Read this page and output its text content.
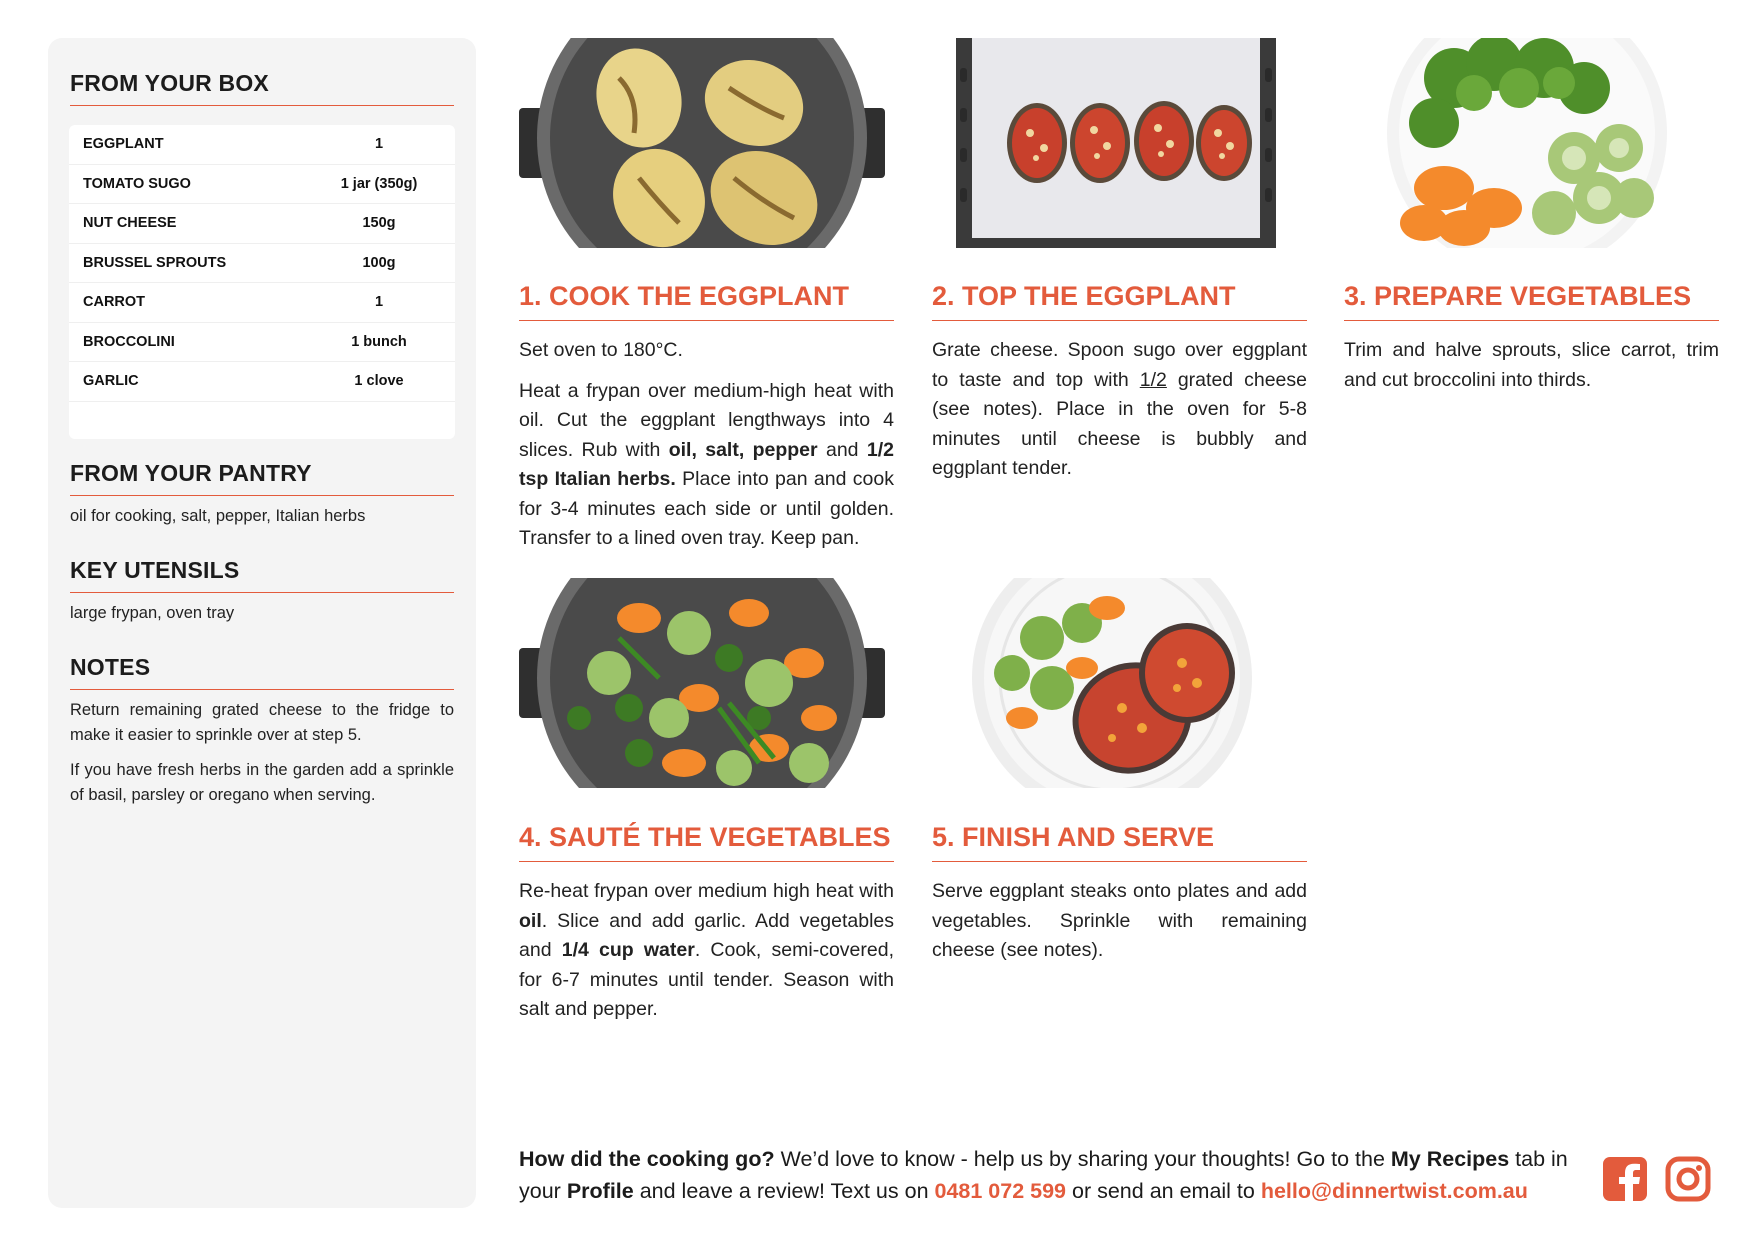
FROM YOUR BOX
EGGPLANT	1
TOMATO SUGO	1 jar (350g)
NUT CHEESE	150g
BRUSSEL SPROUTS	100g
CARROT	1
BROCCOLINI	1 bunch
GARLIC	1 clove
FROM YOUR PANTRY
oil for cooking, salt, pepper, Italian herbs
KEY UTENSILS
large frypan, oven tray
NOTES

Return remaining grated cheese to the fridge to make it easier to sprinkle over at step 5.

If you have fresh herbs in the garden add a sprinkle of basil, parsley or oregano when serving.

1. COOK THE EGGPLANT

Set oven to 180°C.

Heat a frypan over medium-high heat with oil. Cut the eggplant lengthways into 4 slices. Rub with oil, salt, pepper and 1/2 tsp Italian herbs. Place into pan and cook for 3-4 minutes each side or until golden. Transfer to a lined oven tray. Keep pan.

2. TOP THE EGGPLANT

Grate cheese. Spoon sugo over eggplant to taste and top with 1/2 grated cheese (see notes). Place in the oven for 5-8 minutes until cheese is bubbly and eggplant tender.

3. PREPARE VEGETABLES

Trim and halve sprouts, slice carrot, trim and cut broccolini into thirds.

4. SAUTÉ THE VEGETABLES

Re-heat frypan over medium high heat with oil. Slice and add garlic. Add vegetables and 1/4 cup water. Cook, semi-covered, for 6-7 minutes until tender. Season with salt and pepper.

5. FINISH AND SERVE

Serve eggplant steaks onto plates and add vegetables. Sprinkle with remaining cheese (see notes).

How did the cooking go? We’d love to know - help us by sharing your thoughts! Go to the My Recipes tab in your Profile and leave a review! Text us on 0481 072 599 or send an email to hello@dinnertwist.com.au
